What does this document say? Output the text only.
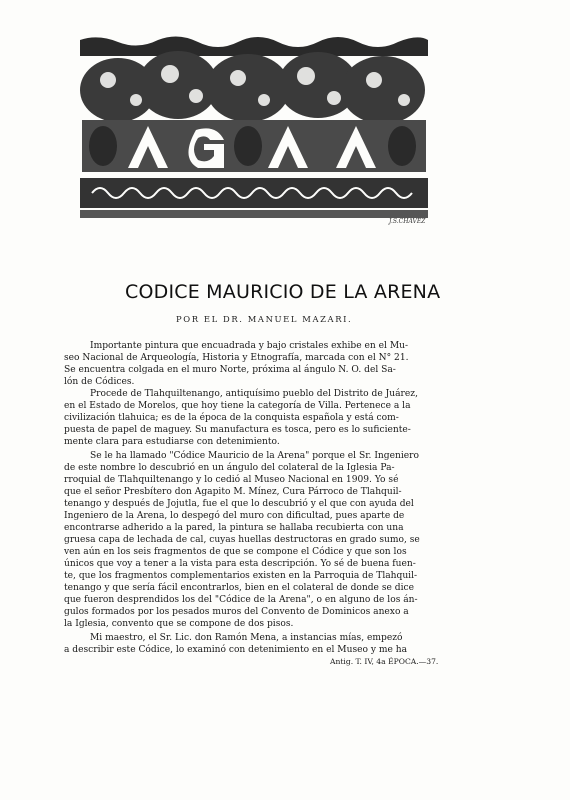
J.S.CHAVEZ
CODICE MAURICIO DE LA ARENA
POR EL DR. MANUEL MAZARI.
Importante pintura que encuadrada y bajo cristales exhibe en el Mu-
seo Nacional de Arqueología, Historia y Etnografía, marcada con el N° 21.
Se encuentra colgada en el muro Norte, próxima al ángulo N. O. del Sa-
lón de Códices.
Procede de Tlahquiltenango, antiquísimo pueblo del Distrito de Juárez,
en el Estado de Morelos, que hoy tiene la categoría de Villa. Pertenece a la
civilización tlahuica; es de la época de la conquista española y está com-
puesta de papel de maguey. Su manufactura es tosca, pero es lo suficiente-
mente clara para estudiarse con detenimiento.
Se le ha llamado "Códice Mauricio de la Arena" porque el Sr. Ingeniero
de este nombre lo descubrió en un ángulo del colateral de la Iglesia Pa-
rroquial de Tlahquiltenango y lo cedió al Museo Nacional en 1909. Yo sé
que el señor Presbítero don Agapito M. Mínez, Cura Párroco de Tlahquil-
tenango y después de Jojutla, fue el que lo descubrió y el que con ayuda del
Ingeniero de la Arena, lo despegó del muro con dificultad, pues aparte de
encontrarse adherido a la pared, la pintura se hallaba recubierta con una
gruesa capa de lechada de cal, cuyas huellas destructoras en grado sumo, se
ven aún en los seis fragmentos de que se compone el Códice y que son los
únicos que voy a tener a la vista para esta descripción. Yo sé de buena fuen-
te, que los fragmentos complementarios existen en la Parroquia de Tlahquil-
tenango y que sería fácil encontrarlos, bien en el colateral de donde se dice
que fueron desprendidos los del "Códice de la Arena", o en alguno de los án-
gulos formados por los pesados muros del Convento de Dominicos anexo a
la Iglesia, convento que se compone de dos pisos.
Mi maestro, el Sr. Lic. don Ramón Mena, a instancias mías, empezó
a describir este Códice, lo examinó con detenimiento en el Museo y me ha
Antig. T. IV, 4a ÉPOCA.—37.
